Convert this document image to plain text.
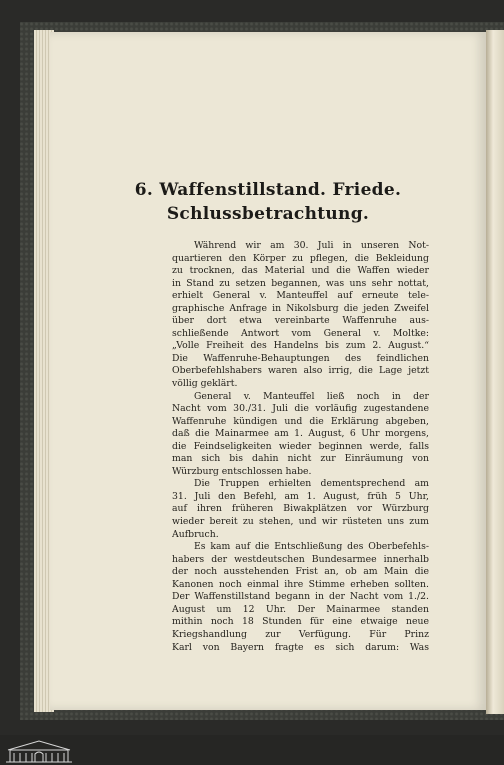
6. Waffenstillstand. Friede.
Schlussbetrachtung.
Während wir am 30. Juli in unseren Not-
quartieren den Körper zu pflegen, die Bekleidung
zu trocknen, das Material und die Waffen wieder
in Stand zu setzen begannen, was uns sehr nottat,
erhielt General v. Manteuffel auf erneute tele-
graphische Anfrage in Nikolsburg die jeden Zweifel
über dort etwa vereinbarte Waffenruhe aus-
schließende Antwort vom General v. Moltke:
„Volle Freiheit des Handelns bis zum 2. August.“
Die Waffenruhe-Behauptungen des feindlichen
Oberbefehlshabers waren also irrig, die Lage jetzt
völlig geklärt.
General v. Manteuffel ließ noch in der
Nacht vom 30./31. Juli die vorläufig zugestandene
Waffenruhe kündigen und die Erklärung abgeben,
daß die Mainarmee am 1. August, 6 Uhr morgens,
die Feindseligkeiten wieder beginnen werde, falls
man sich bis dahin nicht zur Einräumung von
Würzburg entschlossen habe.
Die Truppen erhielten dementsprechend am
31. Juli den Befehl, am 1. August, früh 5 Uhr,
auf ihren früheren Biwakplätzen vor Würzburg
wieder bereit zu stehen, und wir rüsteten uns zum
Aufbruch.
Es kam auf die Entschließung des Oberbefehls-
habers der westdeutschen Bundesarmee innerhalb
der noch ausstehenden Frist an, ob am Main die
Kanonen noch einmal ihre Stimme erheben sollten.
Der Waffenstillstand begann in der Nacht vom 1./2.
August um 12 Uhr. Der Mainarmee standen
mithin noch 18 Stunden für eine etwaige neue
Kriegshandlung zur Verfügung. Für Prinz
Karl von Bayern fragte es sich darum: Was
